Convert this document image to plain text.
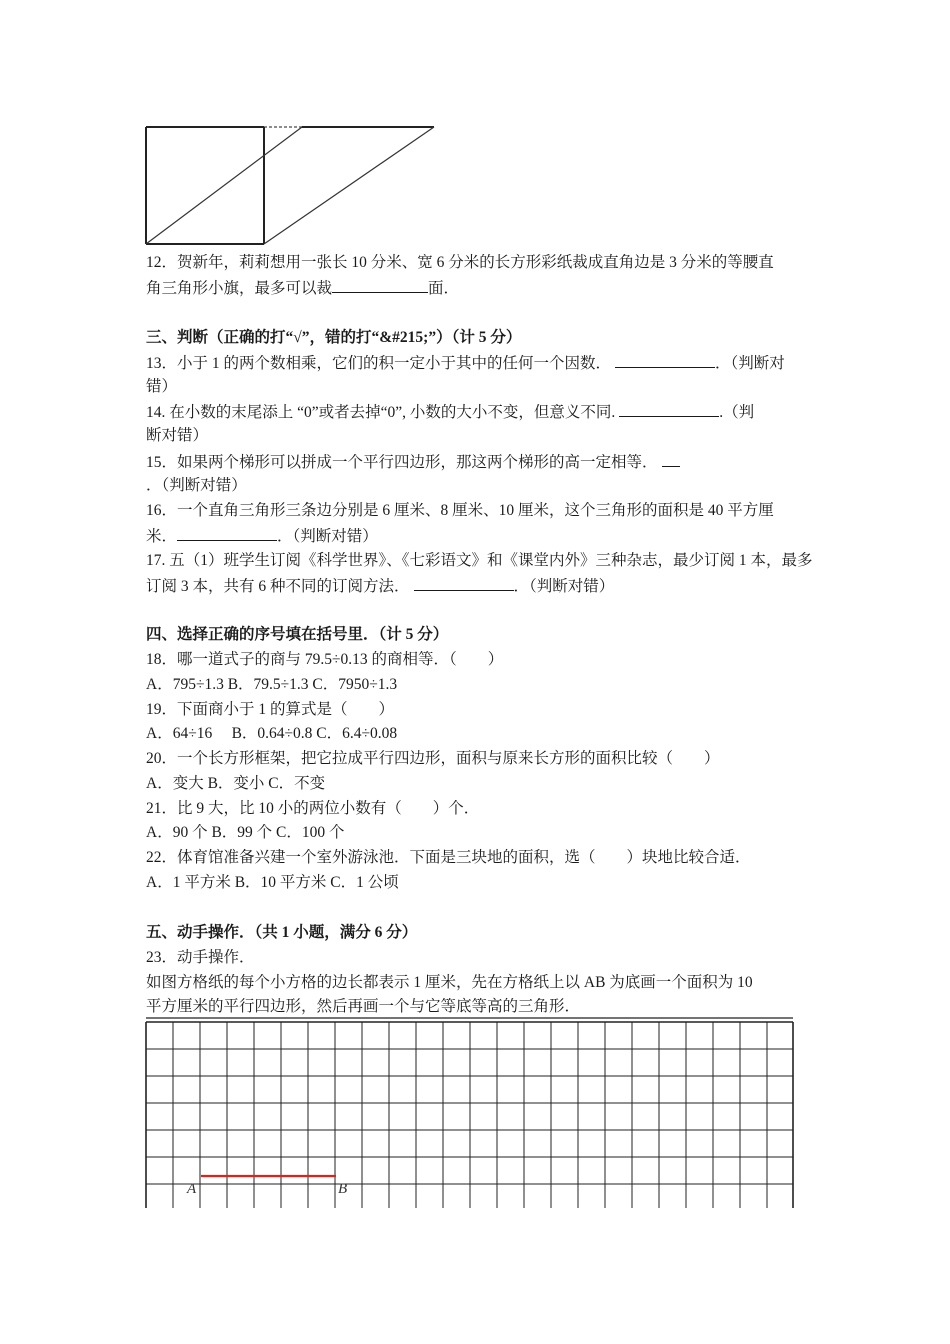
12．贺新年，莉莉想用一张长 10 分米、宽 6 分米的长方形彩纸裁成直角边是 3 分米的等腰直
角三角形小旗，最多可以裁	面．
三、判断（正确的打“√”，错的打“&#215;”）（计 5 分）
13．小于 1 的两个数相乘，它们的积一定小于其中的任何一个因数．	．（判断对
错）
14. 在小数的末尾添上 “0”或者去掉“0”, 小数的大小不变，但意义不同.	.（判
断对错）
15．如果两个梯形可以拼成一个平行四边形，那这两个梯形的高一定相等．
．（判断对错）
16．一个直角三角形三条边分别是 6 厘米、8 厘米、10 厘米，这个三角形的面积是 40 平方厘
米．	．（判断对错）
17. 五（1）班学生订阅《科学世界》、《七彩语文》和《课堂内外》三种杂志，最少订阅 1 本，最多
订阅 3 本，共有 6 种不同的订阅方法．	．（判断对错）
四、选择正确的序号填在括号里．（计 5 分）
18．哪一道式子的商与 79.5÷0.13 的商相等．（　　）
A．795÷1.3 B．79.5÷1.3 C．7950÷1.3
19．下面商小于 1 的算式是（　　）
A．64÷16　 B．0.64÷0.8 C．6.4÷0.08
20．一个长方形框架，把它拉成平行四边形，面积与原来长方形的面积比较（　　）
A．变大 B．变小 C．不变
21．比 9 大，比 10 小的两位小数有（　　）个．
A．90 个 B．99 个 C．100 个
22．体育馆准备兴建一个室外游泳池．下面是三块地的面积，选（　　）块地比较合适．
A．1 平方米 B．10 平方米 C．1 公顷
五、动手操作．（共 1 小题，满分 6 分）
23．动手操作．
如图方格纸的每个小方格的边长都表示 1 厘米，先在方格纸上以 AB 为底画一个面积为 10
平方厘米的平行四边形，然后再画一个与它等底等高的三角形．
A	B
